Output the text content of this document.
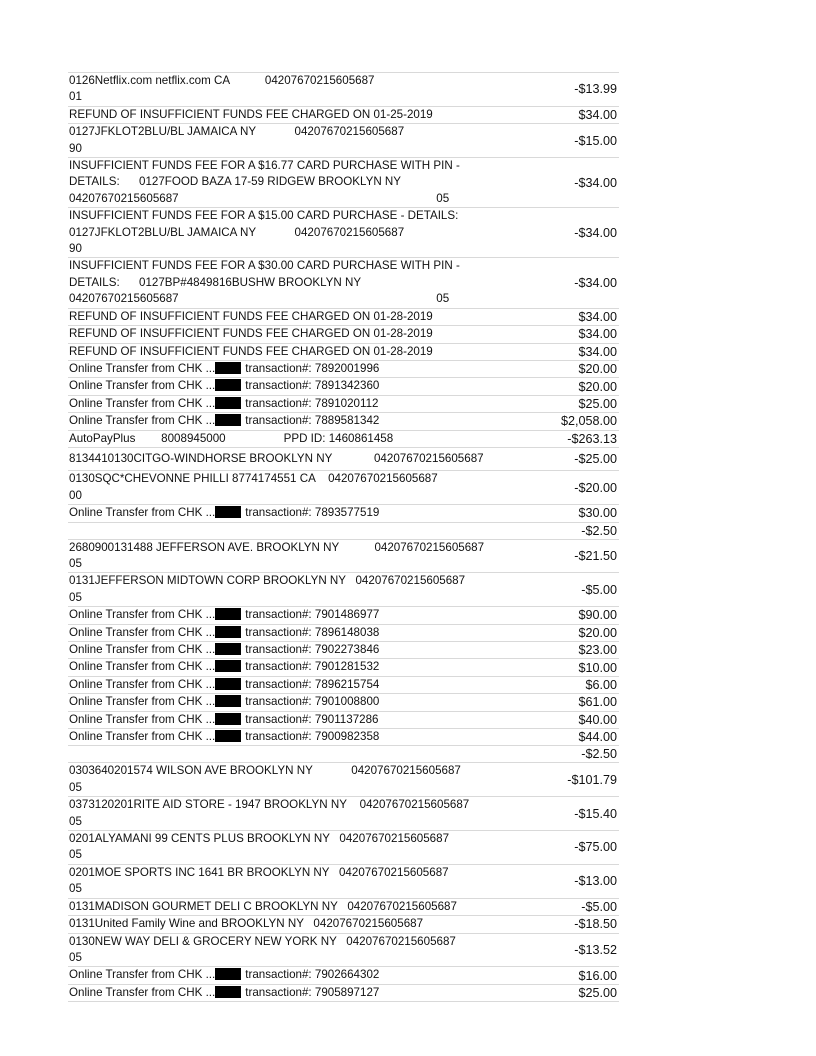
0126Netflix.com netflix.com CA           04207670215605687
01
-$13.99
REFUND OF INSUFFICIENT FUNDS FEE CHARGED ON 01-25-2019	$34.00
0127JFKLOT2BLU/BL JAMAICA NY            04207670215605687
90
-$15.00
INSUFFICIENT FUNDS FEE FOR A $16.77 CARD PURCHASE WITH PIN -
DETAILS:      0127FOOD BAZA 17-59 RIDGEW BROOKLYN NY
04207670215605687                                                                                05
-$34.00
INSUFFICIENT FUNDS FEE FOR A $15.00 CARD PURCHASE - DETAILS:
0127JFKLOT2BLU/BL JAMAICA NY            04207670215605687
90
-$34.00
INSUFFICIENT FUNDS FEE FOR A $30.00 CARD PURCHASE WITH PIN -
DETAILS:      0127BP#4849816BUSHW BROOKLYN NY
04207670215605687                                                                                05
-$34.00
REFUND OF INSUFFICIENT FUNDS FEE CHARGED ON 01-28-2019	$34.00
REFUND OF INSUFFICIENT FUNDS FEE CHARGED ON 01-28-2019	$34.00
REFUND OF INSUFFICIENT FUNDS FEE CHARGED ON 01-28-2019	$34.00
Online Transfer from CHK ...	transaction#: 7892001996	$20.00
Online Transfer from CHK ...	transaction#: 7891342360	$20.00
Online Transfer from CHK ...	transaction#: 7891020112	$25.00
Online Transfer from CHK ...	transaction#: 7889581342	$2,058.00
AutoPayPlus        8008945000                  PPD ID: 1460861458	-$263.13
8134410130CITGO-WINDHORSE BROOKLYN NY             04207670215605687	-$25.00
0130SQC*CHEVONNE PHILLI 8774174551 CA    04207670215605687
00
-$20.00
Online Transfer from CHK ...	transaction#: 7893577519	$30.00
-$2.50
2680900131488 JEFFERSON AVE. BROOKLYN NY           04207670215605687
05
-$21.50
0131JEFFERSON MIDTOWN CORP BROOKLYN NY   04207670215605687
05
-$5.00
Online Transfer from CHK ...	transaction#: 7901486977	$90.00
Online Transfer from CHK ...	transaction#: 7896148038	$20.00
Online Transfer from CHK ...	transaction#: 7902273846	$23.00
Online Transfer from CHK ...	transaction#: 7901281532	$10.00
Online Transfer from CHK ...	transaction#: 7896215754	$6.00
Online Transfer from CHK ...	transaction#: 7901008800	$61.00
Online Transfer from CHK ...	transaction#: 7901137286	$40.00
Online Transfer from CHK ...	transaction#: 7900982358	$44.00
-$2.50
0303640201574 WILSON AVE BROOKLYN NY            04207670215605687
05
-$101.79
0373120201RITE AID STORE - 1947 BROOKLYN NY    04207670215605687
05
-$15.40
0201ALYAMANI 99 CENTS PLUS BROOKLYN NY   04207670215605687
05
-$75.00
0201MOE SPORTS INC 1641 BR BROOKLYN NY   04207670215605687
05
-$13.00
0131MADISON GOURMET DELI C BROOKLYN NY   04207670215605687	-$5.00
0131United Family Wine and BROOKLYN NY   04207670215605687	-$18.50
0130NEW WAY DELI & GROCERY NEW YORK NY   04207670215605687
05
-$13.52
Online Transfer from CHK ...	transaction#: 7902664302	$16.00
Online Transfer from CHK ...	transaction#: 7905897127	$25.00
